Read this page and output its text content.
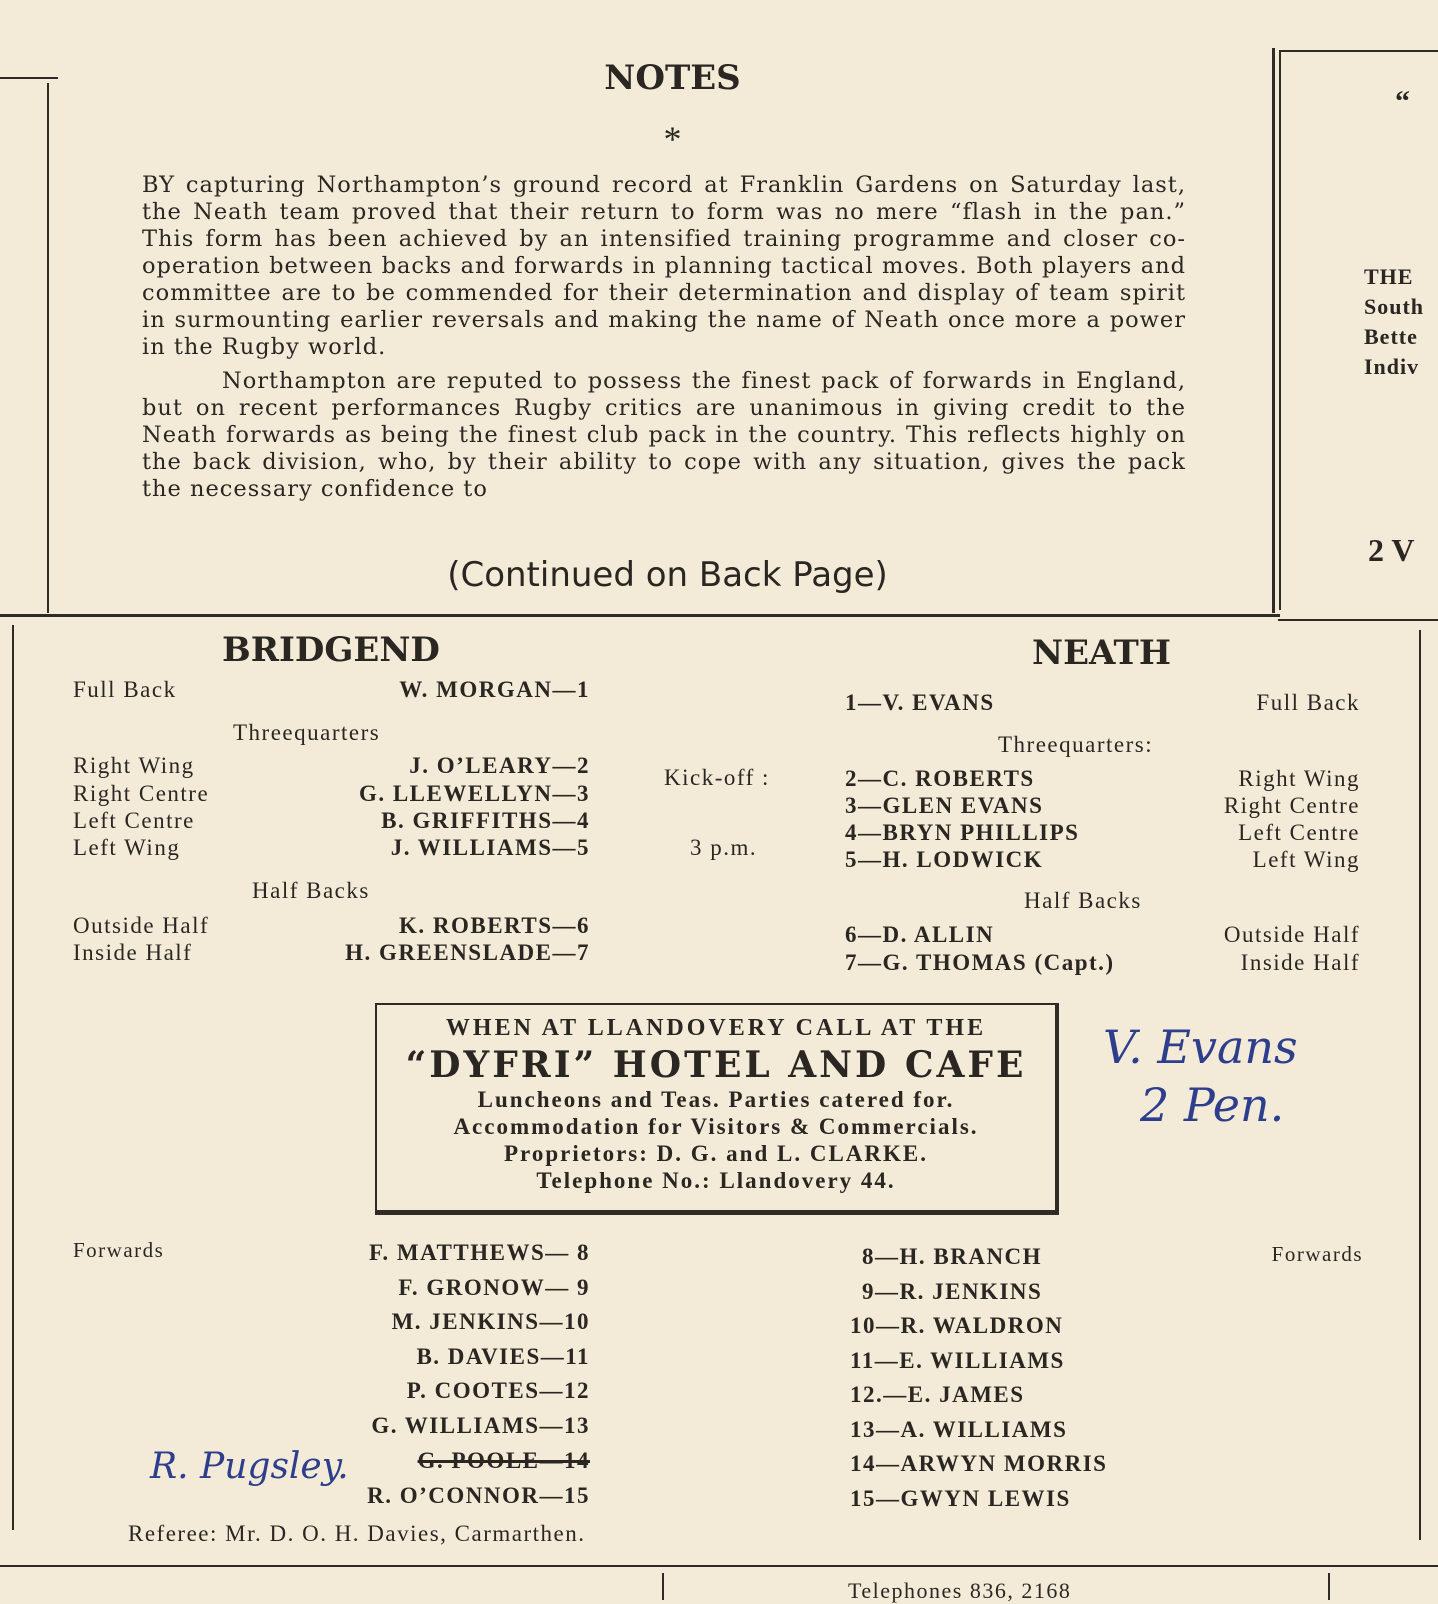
NOTES
*

BY capturing Northampton’s ground record at Franklin Gardens on Saturday last, the Neath team proved that their return to form was no mere “flash in the pan.” This form has been achieved by an intensified training programme and closer co-operation between backs and forwards in planning tactical moves. Both players and committee are to be commended for their determination and display of team spirit in surmounting earlier reversals and making the name of Neath once more a power in the Rugby world.

Northampton are reputed to possess the finest pack of forwards in England, but on recent performances Rugby critics are unanimous in giving credit to the Neath forwards as being the finest club pack in the country. This reflects highly on the back division, who, by their ability to cope with any situation, gives the pack the necessary confidence to

(Continued on Back Page)
“
THE
South
Bette
Indiv
2 V
BRIDGEND
Full Back	W. MORGAN—1
Threequarters
Right Wing	J. O’LEARY—2
Right Centre	G. LLEWELLYN—3
Left Centre	B. GRIFFITHS—4
Left Wing	J. WILLIAMS—5
Half Backs
Outside Half	K. ROBERTS—6
Inside Half	H. GREENSLADE—7
Forwards	F. MATTHEWS— 8
F. GRONOW— 9
M. JENKINS—10
B. DAVIES—11
P. COOTES—12
G. WILLIAMS—13
G. POOLE—14
R. O’CONNOR—15
Kick-off :
3 p.m.
NEATH
1—V. EVANS	Full Back
Threequarters:
2—C. ROBERTS	Right Wing
3—GLEN EVANS	Right Centre
4—BRYN PHILLIPS	Left Centre
5—H. LODWICK	Left Wing
Half Backs
6—D. ALLIN	Outside Half
7—G. THOMAS (Capt.)	Inside Half
Forwards
8—H. BRANCH
9—R. JENKINS
10—R. WALDRON
11—E. WILLIAMS
12.—E. JAMES
13—A. WILLIAMS
14—ARWYN MORRIS
15—GWYN LEWIS
WHEN AT LLANDOVERY CALL AT THE
“DYFRI” HOTEL AND CAFE
Luncheons and Teas. Parties catered for.
Accommodation for Visitors & Commercials.
Proprietors: D. G. and L. CLARKE.
Telephone No.: Llandovery 44.
V. Evans
2 Pen.
R. Pugsley.
Referee: Mr. D. O. H. Davies, Carmarthen.
Telephones 836, 2168
